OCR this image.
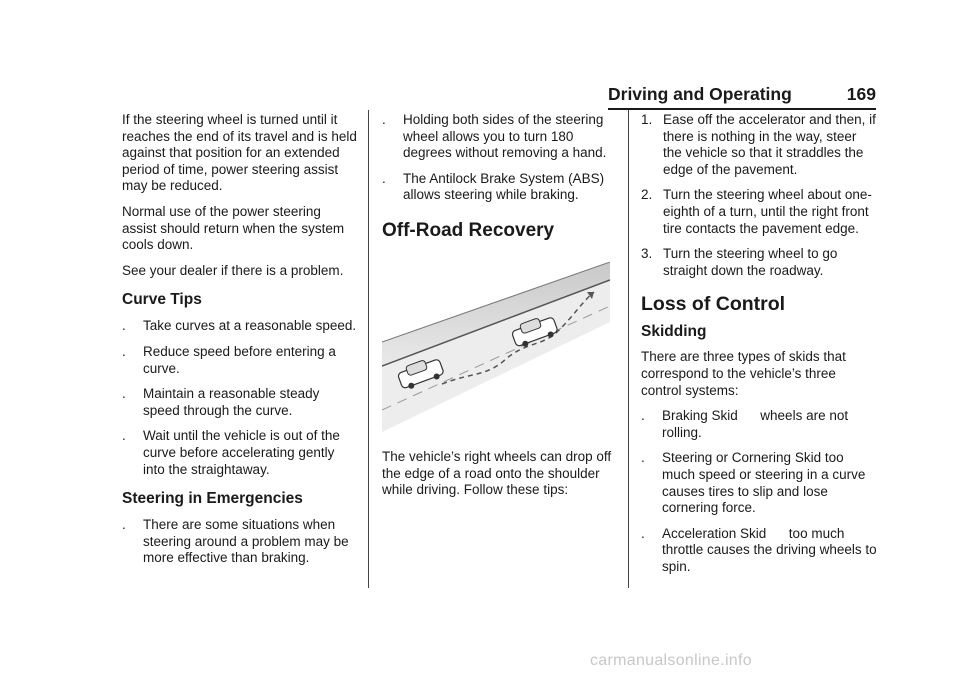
Driving and Operating	169

If the steering wheel is turned until it reaches the end of its travel and is held against that position for an extended period of time, power steering assist may be reduced.

Normal use of the power steering assist should return when the system cools down.

See your dealer if there is a problem.

Curve Tips
. Take curves at a reasonable speed.
. Reduce speed before entering a curve.
. Maintain a reasonable steady speed through the curve.
. Wait until the vehicle is out of the curve before accelerating gently into the straightaway.
Steering in Emergencies
. There are some situations when steering around a problem may be more effective than braking.
. Holding both sides of the steering wheel allows you to turn 180 degrees without removing a hand.
. The Antilock Brake System (ABS) allows steering while braking.
Off-Road Recovery

The vehicle’s right wheels can drop off the edge of a road onto the shoulder while driving. Follow these tips:

1. Ease off the accelerator and then, if there is nothing in the way, steer the vehicle so that it straddles the edge of the pavement.
2. Turn the steering wheel about one-eighth of a turn, until the right front tire contacts the pavement edge.
3. Turn the steering wheel to go straight down the roadway.
Loss of Control
Skidding

There are three types of skids that correspond to the vehicle’s three control systems:

. Braking Skid      wheels are not rolling.
. Steering or Cornering Skid too much speed or steering in a curve causes tires to slip and lose cornering force.
. Acceleration Skid      too much throttle causes the driving wheels to spin.
carmanualsonline.info
